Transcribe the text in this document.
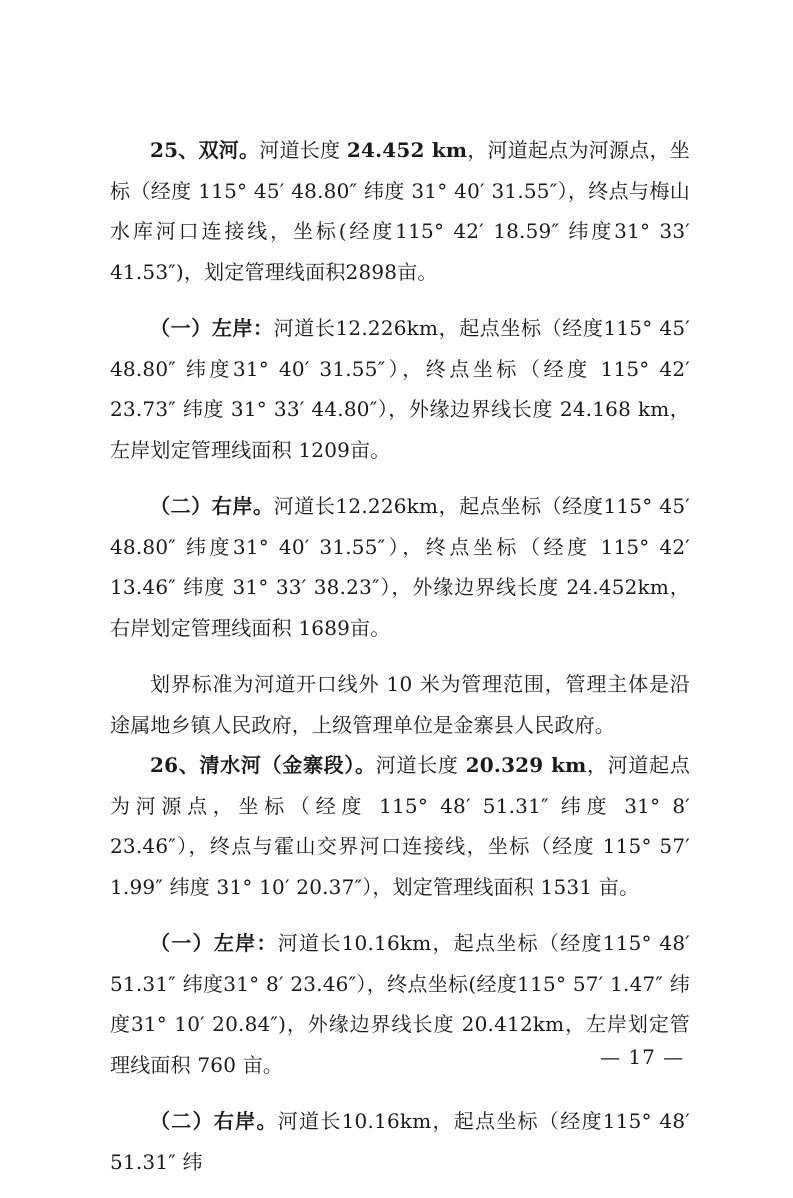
25、双河。河道长度 24.452 km，河道起点为河源点，坐标（经度 115° 45′ 48.80″ 纬度 31° 40′ 31.55″），终点与梅山水库河口连接线，坐标(经度115° 42′ 18.59″ 纬度31° 33′ 41.53″)，划定管理线面积2898亩。

（一）左岸：河道长12.226km，起点坐标（经度115° 45′ 48.80″ 纬度31° 40′ 31.55″），终点坐标（经度 115° 42′ 23.73″ 纬度 31° 33′ 44.80″），外缘边界线长度 24.168 km，左岸划定管理线面积 1209亩。

（二）右岸。河道长12.226km，起点坐标（经度115° 45′ 48.80″ 纬度31° 40′ 31.55″），终点坐标（经度 115° 42′ 13.46″ 纬度 31° 33′ 38.23″），外缘边界线长度 24.452km，右岸划定管理线面积 1689亩。

划界标准为河道开口线外 10 米为管理范围，管理主体是沿途属地乡镇人民政府，上级管理单位是金寨县人民政府。

26、清水河（金寨段）。河道长度 20.329 km，河道起点为河源点，坐标（经度 115° 48′ 51.31″ 纬度 31° 8′ 23.46″），终点与霍山交界河口连接线，坐标（经度 115° 57′ 1.99″ 纬度 31° 10′ 20.37″），划定管理线面积 1531 亩。

（一）左岸：河道长10.16km，起点坐标（经度115° 48′ 51.31″ 纬度31° 8′ 23.46″），终点坐标(经度115° 57′ 1.47″ 纬度31° 10′ 20.84″)，外缘边界线长度 20.412km，左岸划定管理线面积 760 亩。

（二）右岸。河道长10.16km，起点坐标（经度115° 48′ 51.31″ 纬

— 17 —
